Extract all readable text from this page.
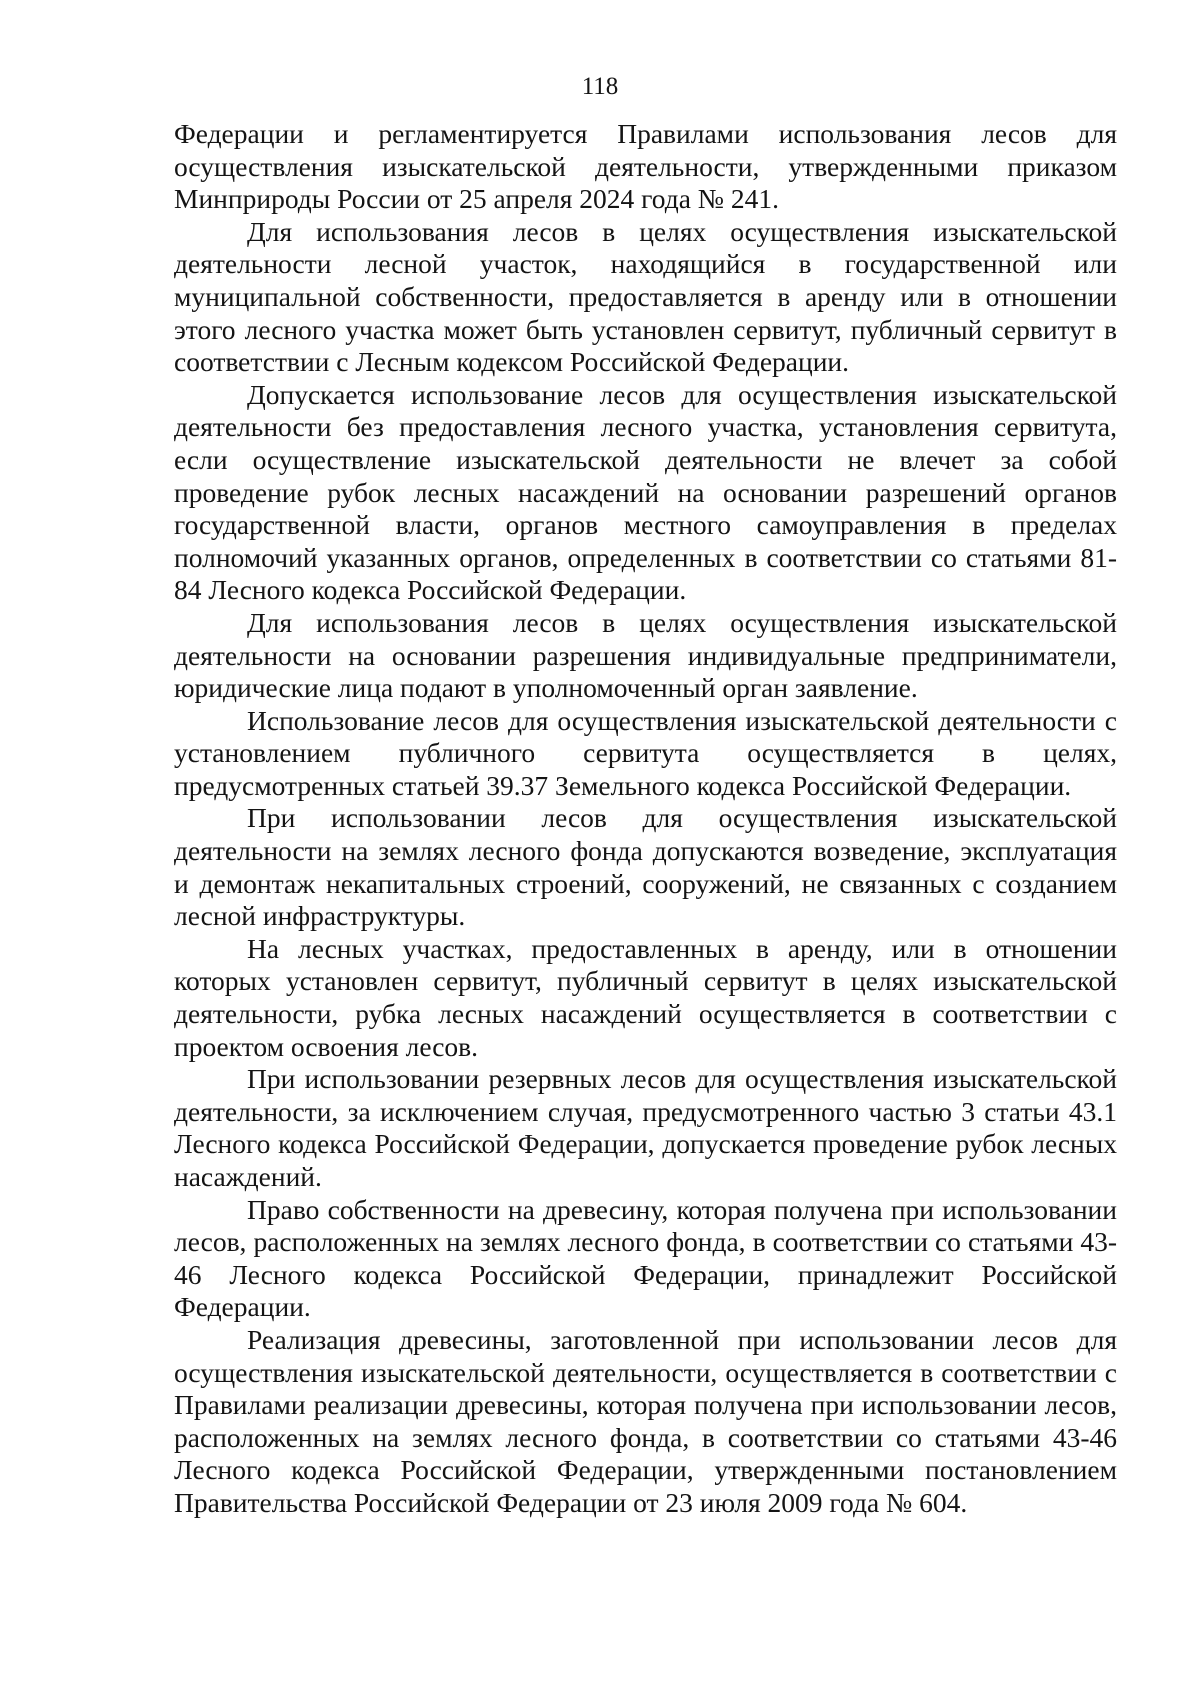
118

Федерации и регламентируется Правилами использования лесов для осуществления изыскательской деятельности, утвержденными приказом Минприроды России от 25 апреля 2024 года № 241.

Для использования лесов в целях осуществления изыскательской деятельности лесной участок, находящийся в государственной или муниципальной собственности, предоставляется в аренду или в отношении этого лесного участка может быть установлен сервитут, публичный сервитут в соответствии с Лесным кодексом Российской Федерации.

Допускается использование лесов для осуществления изыскательской деятельности без предоставления лесного участка, установления сервитута, если осуществление изыскательской деятельности не влечет за собой проведение рубок лесных насаждений на основании разрешений органов государственной власти, органов местного самоуправления в пределах полномочий указанных органов, определенных в соответствии со статьями 81-84 Лесного кодекса Российской Федерации.

Для использования лесов в целях осуществления изыскательской деятельности на основании разрешения индивидуальные предприниматели, юридические лица подают в уполномоченный орган заявление.

Использование лесов для осуществления изыскательской деятельности с установлением публичного сервитута осуществляется в целях, предусмотренных статьей 39.37 Земельного кодекса Российской Федерации.

При использовании лесов для осуществления изыскательской деятельности на землях лесного фонда допускаются возведение, эксплуатация и демонтаж некапитальных строений, сооружений, не связанных с созданием лесной инфраструктуры.

На лесных участках, предоставленных в аренду, или в отношении которых установлен сервитут, публичный сервитут в целях изыскательской деятельности, рубка лесных насаждений осуществляется в соответствии с проектом освоения лесов.

При использовании резервных лесов для осуществления изыскательской деятельности, за исключением случая, предусмотренного частью 3 статьи 43.1 Лесного кодекса Российской Федерации, допускается проведение рубок лесных насаждений.

Право собственности на древесину, которая получена при использовании лесов, расположенных на землях лесного фонда, в соответствии со статьями 43-46 Лесного кодекса Российской Федерации, принадлежит Российской Федерации.

Реализация древесины, заготовленной при использовании лесов для осуществления изыскательской деятельности, осуществляется в соответствии с Правилами реализации древесины, которая получена при использовании лесов, расположенных на землях лесного фонда, в соответствии со статьями 43-46 Лесного кодекса Российской Федерации, утвержденными постановлением Правительства Российской Федерации от 23 июля 2009 года № 604.
